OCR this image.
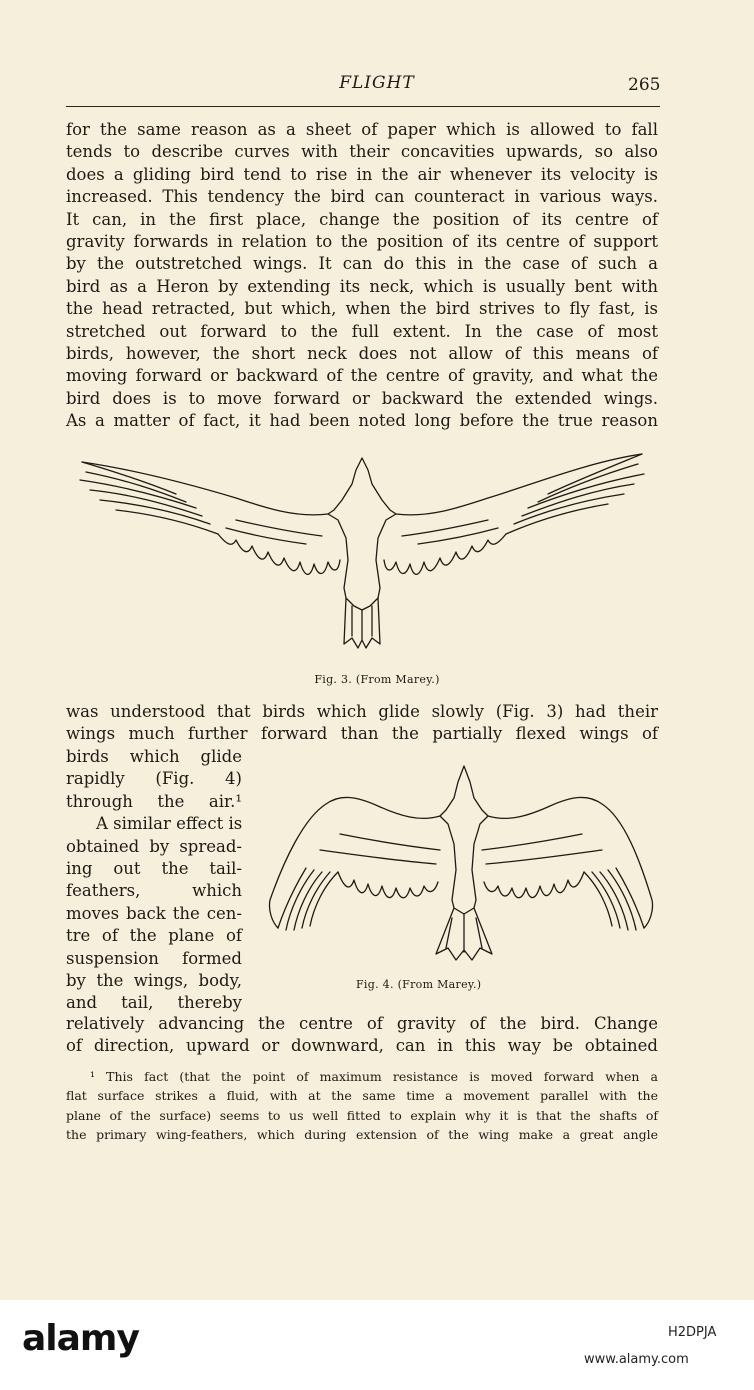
FLIGHT	265

for the same reason as a sheet of paper which is allowed to fall
tends to describe curves with their concavities upwards, so also
does a gliding bird tend to rise in the air whenever its velocity is
increased. This tendency the bird can counteract in various ways.
It can, in the first place, change the position of its centre of
gravity forwards in relation to the position of its centre of support
by the outstretched wings. It can do this in the case of such a
bird as a Heron by extending its neck, which is usually bent with
the head retracted, but which, when the bird strives to fly fast, is
stretched out forward to the full extent. In the case of most
birds, however, the short neck does not allow of this means of
moving forward or backward of the centre of gravity, and what the
bird does is to move forward or backward the extended wings.
As a matter of fact, it had been noted long before the true reason

Fig. 3. (From Marey.)

was understood that birds which glide slowly (Fig. 3) had their
wings much further forward than the partially flexed wings of

birds which glide
rapidly (Fig. 4)
through the air.¹
A similar effect is
obtained by spread-
ing out the tail-
feathers, which
moves back the cen-
tre of the plane of
suspension formed
by the wings, body,
and tail, thereby

Fig. 4. (From Marey.)

relatively advancing the centre of gravity of the bird. Change
of direction, upward or downward, can in this way be obtained

¹ This fact (that the point of maximum resistance is moved forward when a
flat surface strikes a fluid, with at the same time a movement parallel with the
plane of the surface) seems to us well fitted to explain why it is that the shafts of
the primary wing-feathers, which during extension of the wing make a great angle

alamy	H2DPJA
www.alamy.com
